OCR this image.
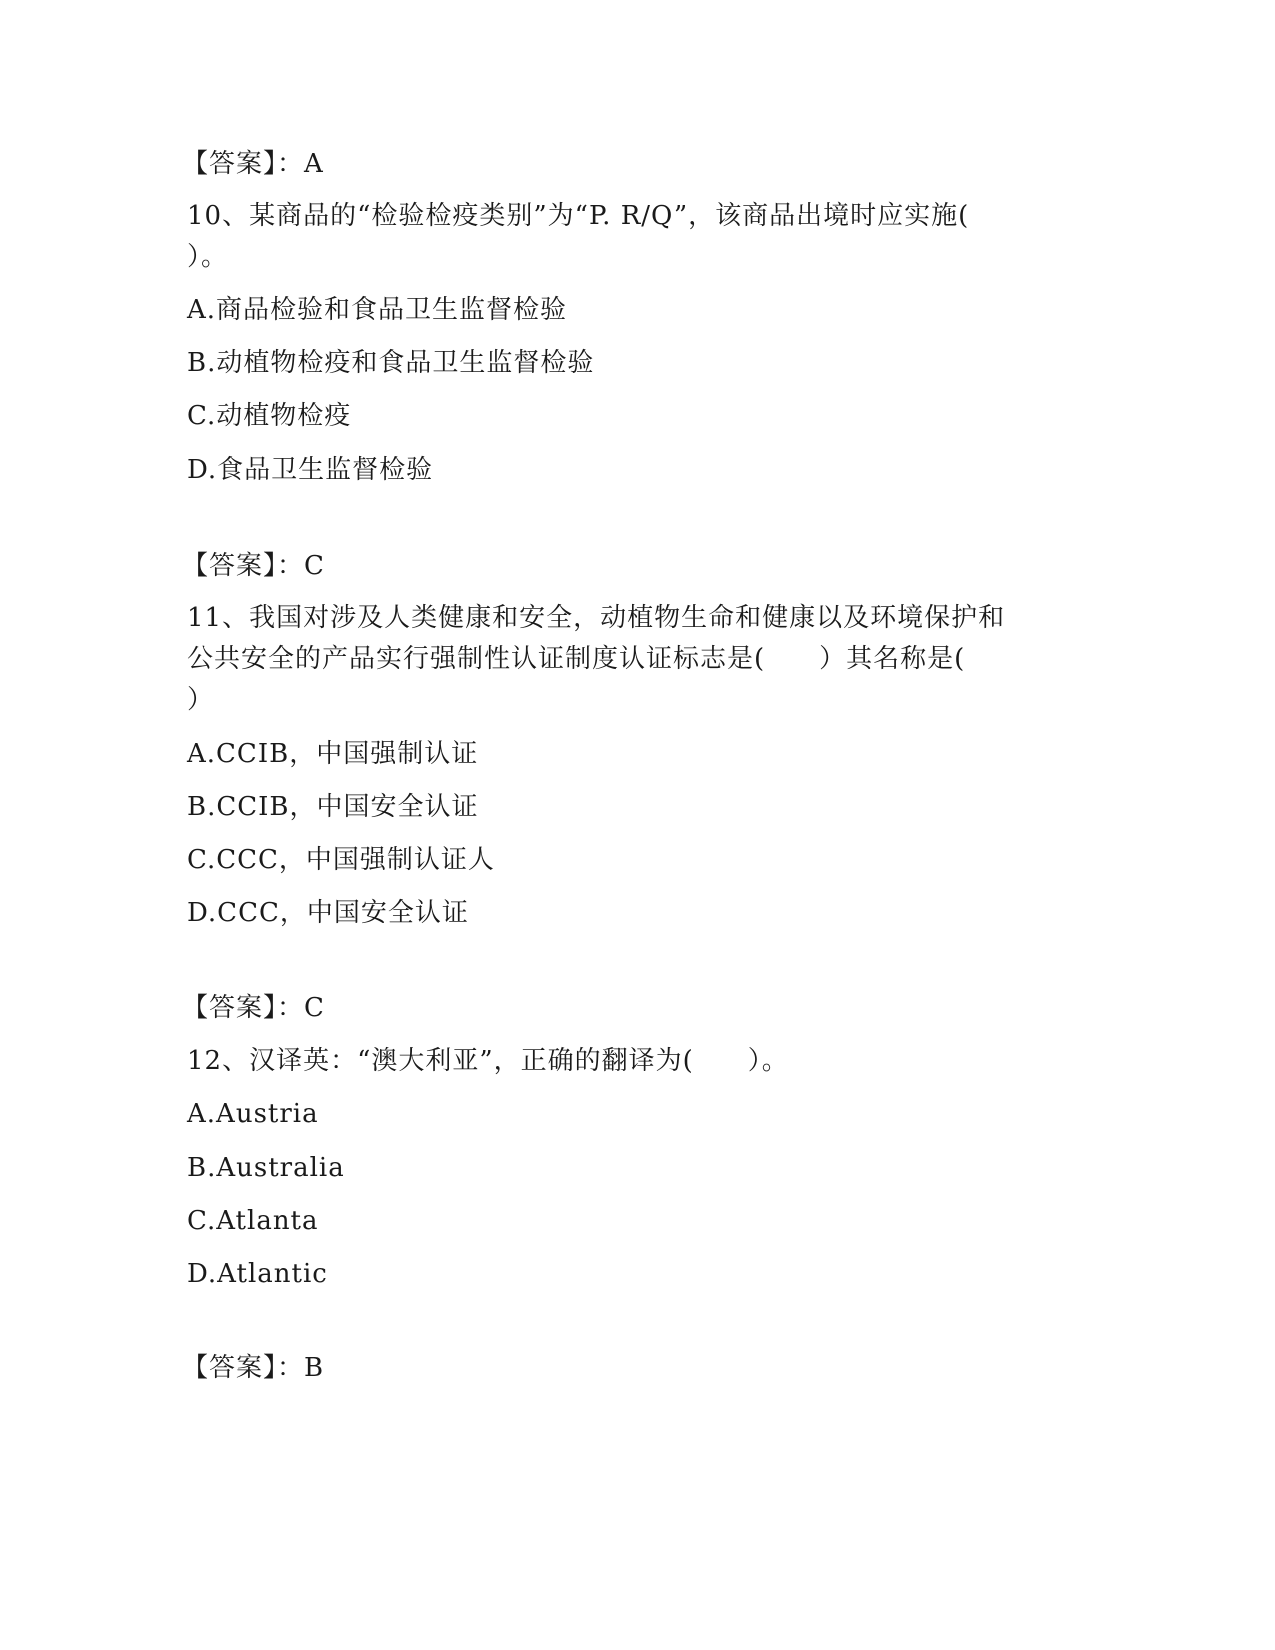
【答案】：A
10、某商品的“检验检疫类别”为“P. R/Q”，该商品出境时应实施(
）。
A.商品检验和食品卫生监督检验
B.动植物检疫和食品卫生监督检验
C.动植物检疫
D.食品卫生监督检验
【答案】：C
11、我国对涉及人类健康和安全，动植物生命和健康以及环境保护和
公共安全的产品实行强制性认证制度认证标志是(　　）其名称是(
）
A.CCIB，中国强制认证
B.CCIB，中国安全认证
C.CCC，中国强制认证人
D.CCC，中国安全认证
【答案】：C
12、汉译英：“澳大利亚”，正确的翻译为(　　）。
A.Austria
B.Australia
C.Atlanta
D.Atlantic
【答案】：B
